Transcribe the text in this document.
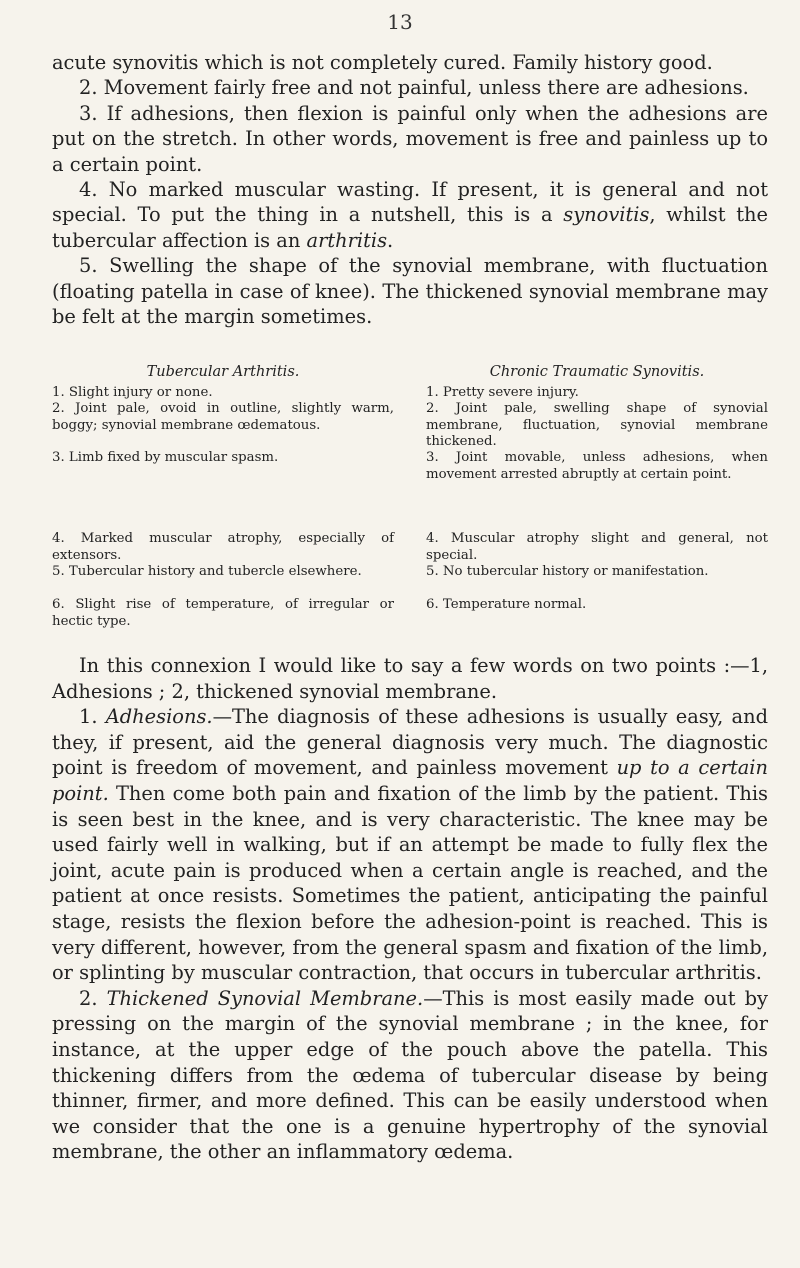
13

acute synovitis which is not completely cured. Family history good.

2. Movement fairly free and not painful, unless there are adhesions.

3. If adhesions, then flexion is painful only when the adhesions are put on the stretch. In other words, movement is free and painless up to a certain point.

4. No marked muscular wasting. If present, it is general and not special. To put the thing in a nutshell, this is a synovitis, whilst the tubercular affection is an arthritis.

5. Swelling the shape of the synovial membrane, with fluctuation (floating patella in case of knee). The thickened synovial membrane may be felt at the margin sometimes.

Tubercular Arthritis.
1. Slight injury or none.
2. Joint pale, ovoid in outline, slightly warm, boggy; synovial membrane œdematous.
3. Limb fixed by muscular spasm.
4. Marked muscular atrophy, especially of extensors.
5. Tubercular history and tubercle elsewhere.
6. Slight rise of temperature, of irregular or hectic type.
Chronic Traumatic Synovitis.
1. Pretty severe injury.
2. Joint pale, swelling shape of synovial membrane, fluctuation, synovial membrane thickened.
3. Joint movable, unless adhesions, when movement arrested abruptly at certain point.
4. Muscular atrophy slight and general, not special.
5. No tubercular history or manifestation.
6. Temperature normal.

In this connexion I would like to say a few words on two points :—1, Adhesions ; 2, thickened synovial membrane.

1. Adhesions.—The diagnosis of these adhesions is usually easy, and they, if present, aid the general diagnosis very much. The diagnostic point is freedom of movement, and painless movement up to a certain point. Then come both pain and fixation of the limb by the patient. This is seen best in the knee, and is very characteristic. The knee may be used fairly well in walking, but if an attempt be made to fully flex the joint, acute pain is produced when a certain angle is reached, and the patient at once resists. Sometimes the patient, anticipating the painful stage, resists the flexion before the adhesion-point is reached. This is very different, however, from the general spasm and fixation of the limb, or splinting by muscular contraction, that occurs in tubercular arthritis.

2. Thickened Synovial Membrane.—This is most easily made out by pressing on the margin of the synovial membrane ; in the knee, for instance, at the upper edge of the pouch above the patella. This thickening differs from the œdema of tubercular disease by being thinner, firmer, and more defined. This can be easily understood when we consider that the one is a genuine hypertrophy of the synovial membrane, the other an inflammatory œdema.
